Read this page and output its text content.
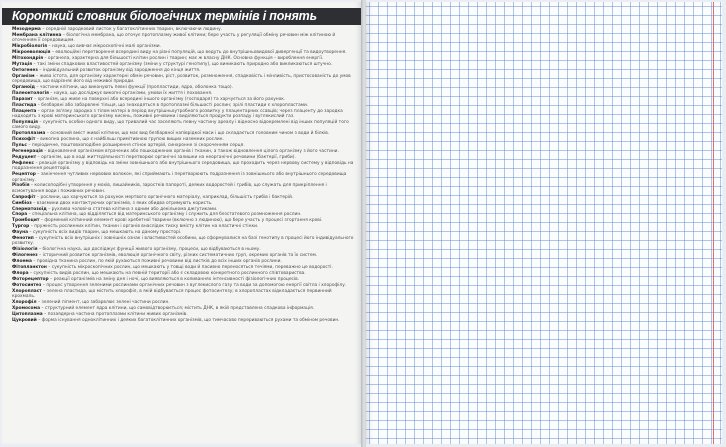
Короткий словник біологічних термінів і понять
Мезодерма – середній зародковий листок у багатоклітинних тварин, включаючи людину.
Мембрана клітинна – біологічна мембрана, що оточує протоплазму живої клітини; бере участь у регуляції обміну речовин між клітиною й оточенням її середовищем.
Мікробіологія – наука, що вивчає мікроскопічні малі організми.
Мікроеволюція – еволюційні перетворення всередині виду на рівні популяцій, що ведуть до внутрішньовидової дивергенції та видоутворення.
Мітохондрія – органела, характерна для більшості клітин рослин і тварин; має ж власну ДНК. Основна функція – вироблення енергії.
Мутація – такі зміни спадкових властивостей організму (зміни у структурі генотипу), що виникають природно або викликаються штучно.
Онтогенез – індивідуальний розвиток організму від зародження до кінця життя.
Організм – жива істота, для організму характерні обмін речовин, ріст, розвиток, розмноження, спадковість і мінливість, пристосованість до умов середовища, що відрізняє його від неживої природи.
Органоїд – частини клітини, що виконують певні функції (пропластиди, ядро, оболонка тощо).
Палеонтологія – наука, що досліджує викопні організми, умови їх життя і поховання.
Паразит – організм, що живе на поверхні або всередині іншого організму (господаря) та харчується за його рахунок.
Пластида – безбарвні або забарвлені тільця, що знаходяться в протоплазмі більшості рослин; зрілі пластиди є хлоропластами.
Плацента – орган зв'язку зародка з тілом матері в період внутрішньоутробного розвитку у плацентарних ссавців; через плаценту до зародка надходять з крові материнського організму кисень, поживні речовини і виділяються продукти розпаду і вуглекислий газ.
Популяція – сукупність особин одного виду, що тривалий час заселяють певну частину ареалу і відносно відокремлені від інших популяцій того самого виду.
Протоплазма – основний вміст живої клітини, що має вид безбарвної напіврідкої маси і що складається головним чином з води й білків.
Психофіт – викопна рослина, що є найбільш примітивною групою вищих наземних рослин.
Пульс – періодичне, поштовхоподібне розширення стінок артерій, синхронне зі скороченням серця.
Регенерація – відновлення організмом втрачених або пошкоджених органів і тканин, а також відновлення цілого організму з його частини.
Редуцент – організм, що в ході життєдіяльності перетворює органічні залишки на неорганічні речовини (бактерії, гриби).
Рефлекс – реакція організму у відповідь на зміни зовнішнього або внутрішнього середовища, що проходить через нервову систему у відповідь на подразнення рецепторів.
Рецептор – закінчення чутливих нервових волокон, які сприймають і перетворюють подразнення із зовнішнього або внутрішнього середовища організму.
Різобія – колисоподібні утворення у мохів, лишайників, заростків папороті, деяких водоростей і грибів, що служать для прикріплення і всмоктування води і поживних речовин.
Сапрофіт – рослини, що харчуються за рахунок мертвого органічного матеріалу, наприклад, більшість грибів і бактерій.
Симбіоз – взаємини двох контактуючих організмів, з яких обидва отримують користь.
Сперматозоїд – рухлива чоловіча статева клітина з одним або декількома джгутиками.
Спора – спеціальна клітина, що відділяється від материнського організму і служить для безстатевого розмноження рослин.
Тромбоцит – формений клітинний елемент крові хребетної тварини (включно з людиною), що бере участь у процесі згортання крові.
Тургор – пружність рослинних клітин, тканин і органів внаслідок тиску вмісту клітин на еластичні стінки.
Фауна – сукупність всіх видів тварин, що мешкають на даному просторі.
Фенотип – сукупність всіх внутрішніх і зовнішніх ознак і властивостей особини, що сформувалися на базі генотипу в процесі його індивідуального розвитку.
Фізіологія – біологічна наука, що досліджує функції живого організму, процеси, що відбуваються в ньому.
Філогенез – історичний розвиток організмів, еволюція органічного світу, різних систематичних груп, окремих органів та їх систем.
Флоема – провідна тканина рослин, по якій рухаються поживні речовини від листків до всіх інших органів рослини.
Фітопланктон – сукупність мікроскопічних рослин, що мешкають у товщі води й пасивно переносяться течіями, переважно це водорості.
Флора – сукупність видів рослин, що мешкають на певній території або є складовою конкретного рослинного співтовариства.
Фоторецептор – реакції організмів на зміну дня і ночі, що виявляються в коливаннях інтенсивності фізіологічних процесів.
Фотосинтез – процес утворення зеленими рослинами органічних речовин з вуглекислого газу та води за допомогою енергії світла і хлорофілу.
Хлоропласт – зелена пластида, що містить хлорофіл, в якій відбувається процес фотосинтезу; в хлоропластах відкладається первинний крохмаль.
Хлорофіл – зелений пігмент, що забарвлює зелені частини рослин.
Хромосома – структурний елемент ядра клітини, що самовідтворюється; містить ДНК, в якій представлена спадкова інформація.
Цитоплазма – позаядерна частина протоплазми клітини живих організмів.
Цукровий – форма існування одноклітинних і деяких багатоклітинних організмів, що тимчасово перериваються рухами та обміном речовин.
